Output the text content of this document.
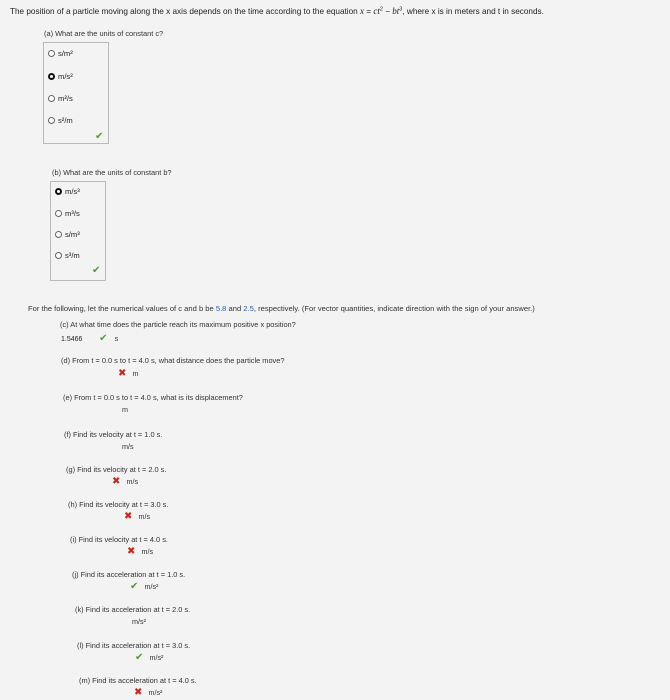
The position of a particle moving along the x axis depends on the time according to the equation $x = ct^2 - bt^3$, where x is in meters and t in seconds.
(a) What are the units of constant c?
s/m²
m/s²
m²/s
s²/m
✔
(b) What are the units of constant b?
m/s³
m³/s
s/m³
s³/m
✔
For the following, let the numerical values of c and b be 5.8 and 2.5, respectively. (For vector quantities, indicate direction with the sign of your answer.)
(c) At what time does the particle reach its maximum positive x position?
1.5466 ✔ s
(d) From t = 0.0 s to t = 4.0 s, what distance does the particle move?
✖ m
(e) From t = 0.0 s to t = 4.0 s, what is its displacement?
m
(f) Find its velocity at t = 1.0 s.
m/s
(g) Find its velocity at t = 2.0 s.
✖ m/s
(h) Find its velocity at t = 3.0 s.
✖ m/s
(i) Find its velocity at t = 4.0 s.
✖ m/s
(j) Find its acceleration at t = 1.0 s.
✔ m/s²
(k) Find its acceleration at t = 2.0 s.
m/s²
(l) Find its acceleration at t = 3.0 s.
✔ m/s²
(m) Find its acceleration at t = 4.0 s.
✖ m/s²
